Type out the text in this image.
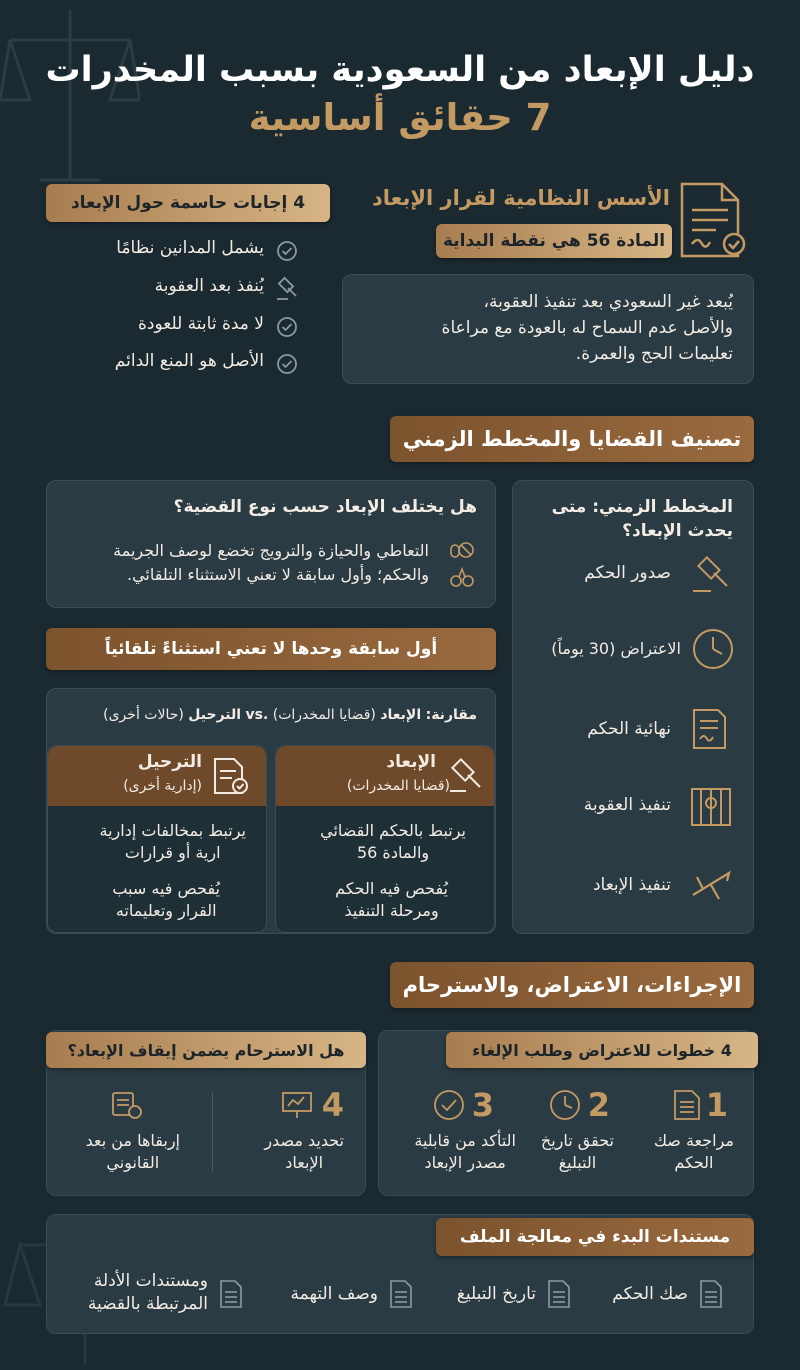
دليل الإبعاد من السعودية بسبب المخدرات
7 حقائق أساسية
الأسس النظامية لقرار الإبعاد
المادة 56 هي نقطة البداية
يُبعد غير السعودي بعد تنفيذ العقوبة،
والأصل عدم السماح له بالعودة مع مراعاة
تعليمات الحج والعمرة.
4 إجابات حاسمة حول الإبعاد
يشمل المدانين نظامًا
يُنفذ بعد العقوبة
لا مدة ثابتة للعودة
الأصل هو المنع الدائم
تصنيف القضايا والمخطط الزمني
هل يختلف الإبعاد حسب نوع القضية؟
التعاطي والحيازة والترويج تخضع لوصف الجريمة
والحكم؛ وأول سابقة لا تعني الاستثناء التلقائي.
أول سابقة وحدها لا تعني استثناءً تلقائياً
مقارنة: الإبعاد (قضايا المخدرات) vs. الترحيل (حالات أخرى)
الإبعاد
(قضايا المخدرات)
يرتبط بالحكم القضائي
والمادة 56
يُفحص فيه الحكم
ومرحلة التنفيذ
الترحيل
(إدارية أخرى)
يرتبط بمخالفات إدارية
ارية أو قرارات
يُفحص فيه سبب
القرار وتعليماته
المخطط الزمني: متى
يحدث الإبعاد؟
صدور الحكم
الاعتراض (30 يوماً)
نهائية الحكم
تنفيذ العقوبة
تنفيذ الإبعاد
الإجراءات، الاعتراض، والاسترحام
4 خطوات للاعتراض وطلب الإلغاء
1
مراجعة صك
الحكم
2
تحقق تاريخ
التبليغ
3
التأكد من قابلية
مصدر الإبعاد
هل الاسترحام يضمن إيقاف الإبعاد؟
4
تحديد مصدر
الإبعاد
إربقاها من بعد
القانوني
مستندات البدء في معالجة الملف
صك الحكم
تاريخ التبليغ
وصف التهمة
ومستندات الأدلة
المرتبطة بالقضية
